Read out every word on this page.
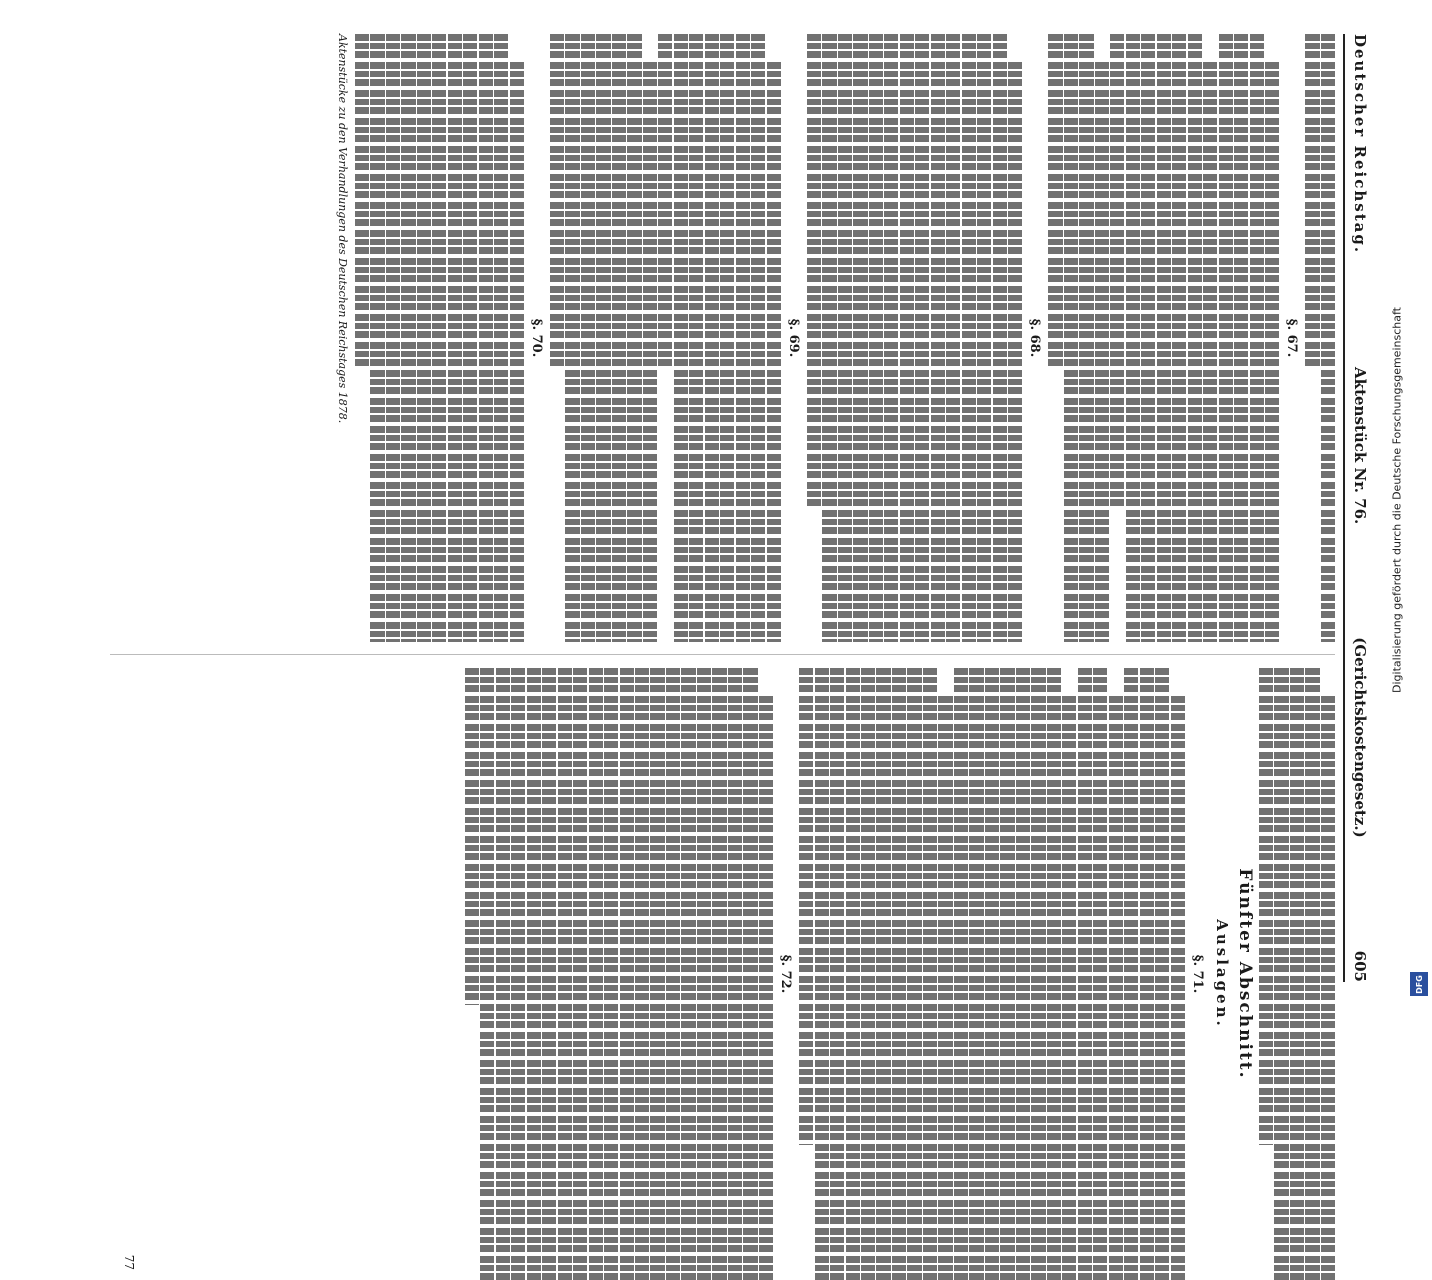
Digitalisierung gefördert durch die Deutsche Forschungsgemeinschaft
DFG
Deutscher Reichstag.
Aktenstück Nr. 76.
(Gerichtskostengesetz.)
605
§. 67.
§. 68.
§. 69.
§. 70.
Aktenstücke zu den Verhandlungen des Deutschen Reichstages 1878.
Fünfter Abschnitt.
Auslagen.
§. 71.
§. 72.
77
